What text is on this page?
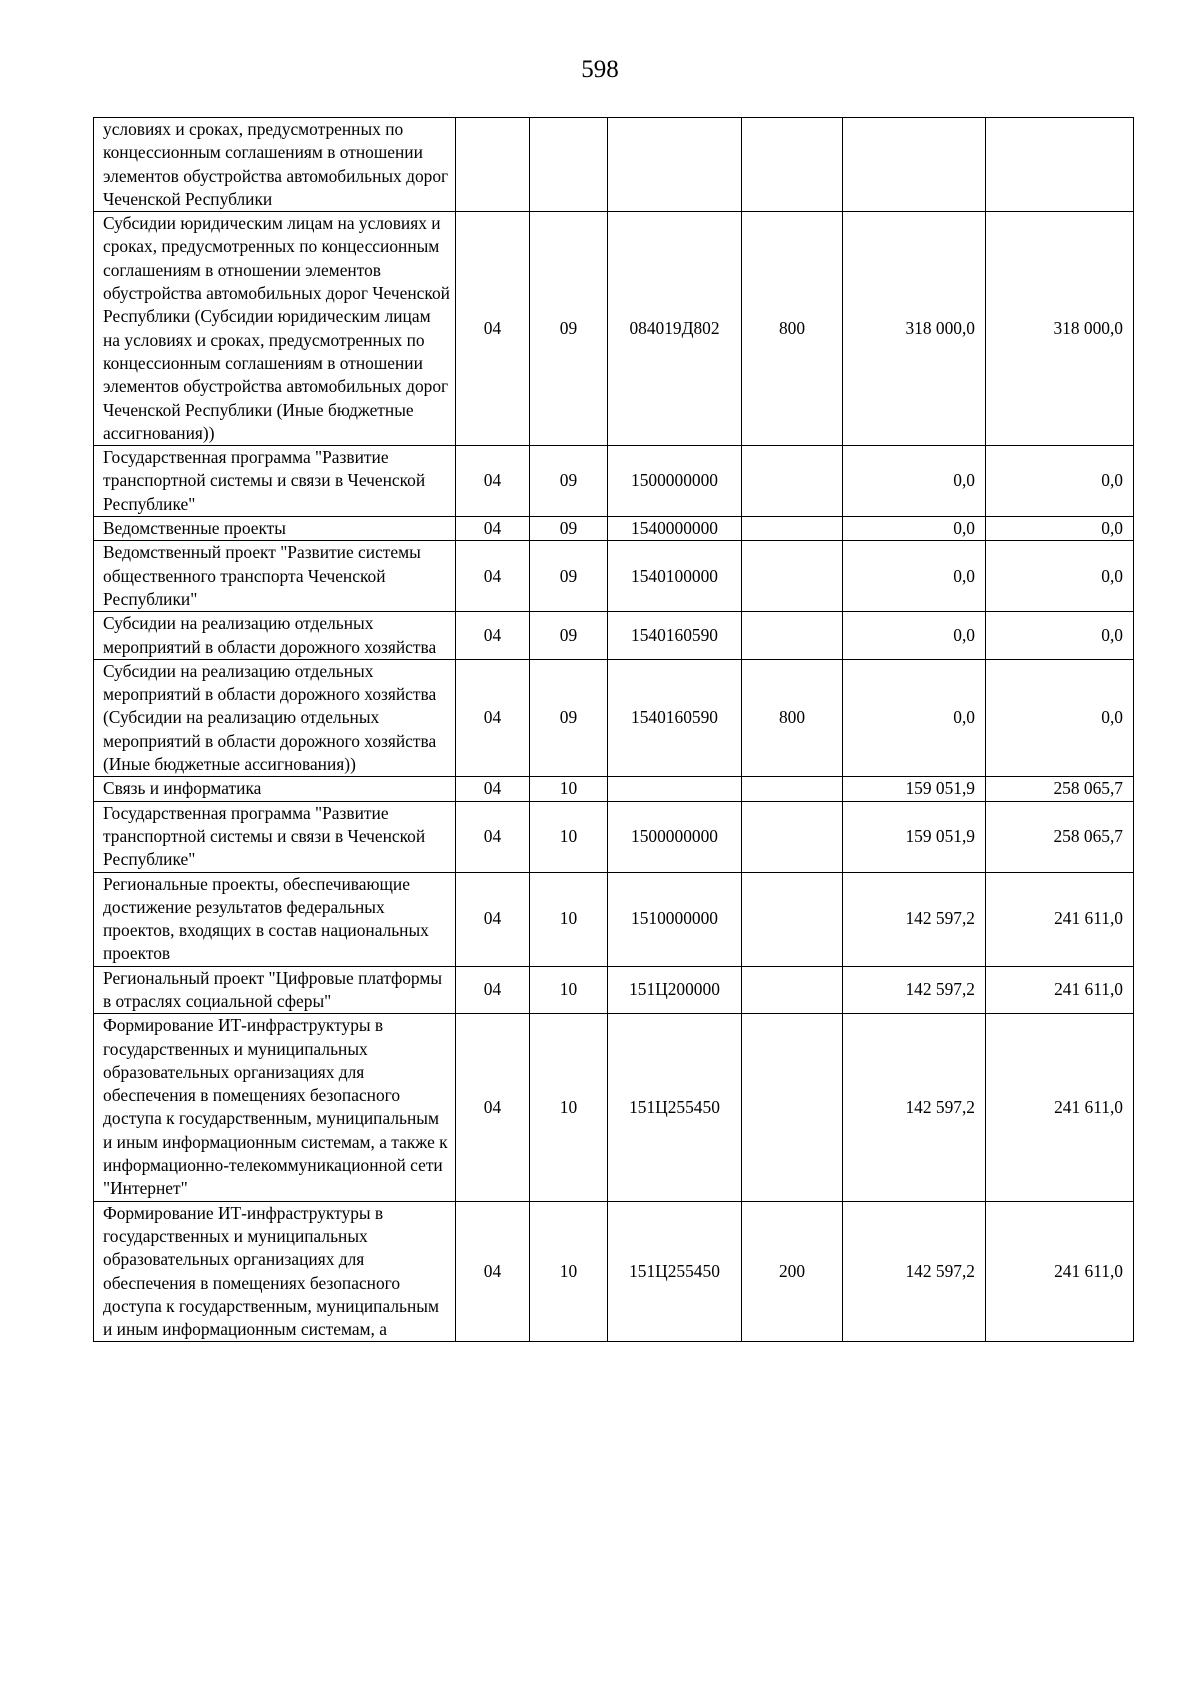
598
условиях и сроках, предусмотренных по концессионным соглашениям в отношении элементов обустройства автомобильных дорог Чеченской Республики						
Субсидии юридическим лицам на условиях и сроках, предусмотренных по концессионным соглашениям в отношении элементов обустройства автомобильных дорог Чеченской Республики (Субсидии юридическим лицам на условиях и сроках, предусмотренных по концессионным соглашениям в отношении элементов обустройства автомобильных дорог Чеченской Республики (Иные бюджетные ассигнования))	04	09	084019Д802	800	318 000,0	318 000,0
Государственная программа "Развитие транспортной системы и связи в Чеченской Республике"	04	09	1500000000		0,0	0,0
Ведомственные проекты	04	09	1540000000		0,0	0,0
Ведомственный проект "Развитие системы общественного транспорта Чеченской Республики"	04	09	1540100000		0,0	0,0
Субсидии на реализацию отдельных мероприятий в области дорожного хозяйства	04	09	1540160590		0,0	0,0
Субсидии на реализацию отдельных мероприятий в области дорожного хозяйства (Субсидии на реализацию отдельных мероприятий в области дорожного хозяйства (Иные бюджетные ассигнования))	04	09	1540160590	800	0,0	0,0
Связь и информатика	04	10			159 051,9	258 065,7
Государственная программа "Развитие транспортной системы и связи в Чеченской Республике"	04	10	1500000000		159 051,9	258 065,7
Региональные проекты, обеспечивающие достижение результатов федеральных проектов, входящих в состав национальных проектов	04	10	1510000000		142 597,2	241 611,0
Региональный проект "Цифровые платформы в отраслях социальной сферы"	04	10	151Ц200000		142 597,2	241 611,0
Формирование ИТ-инфраструктуры в государственных и муниципальных образовательных организациях для обеспечения в помещениях безопасного доступа к государственным, муниципальным и иным информационным системам, а также к информационно-телекоммуникационной сети "Интернет"	04	10	151Ц255450		142 597,2	241 611,0
Формирование ИТ-инфраструктуры в государственных и муниципальных образовательных организациях для обеспечения в помещениях безопасного доступа к государственным, муниципальным и иным информационным системам, а	04	10	151Ц255450	200	142 597,2	241 611,0
